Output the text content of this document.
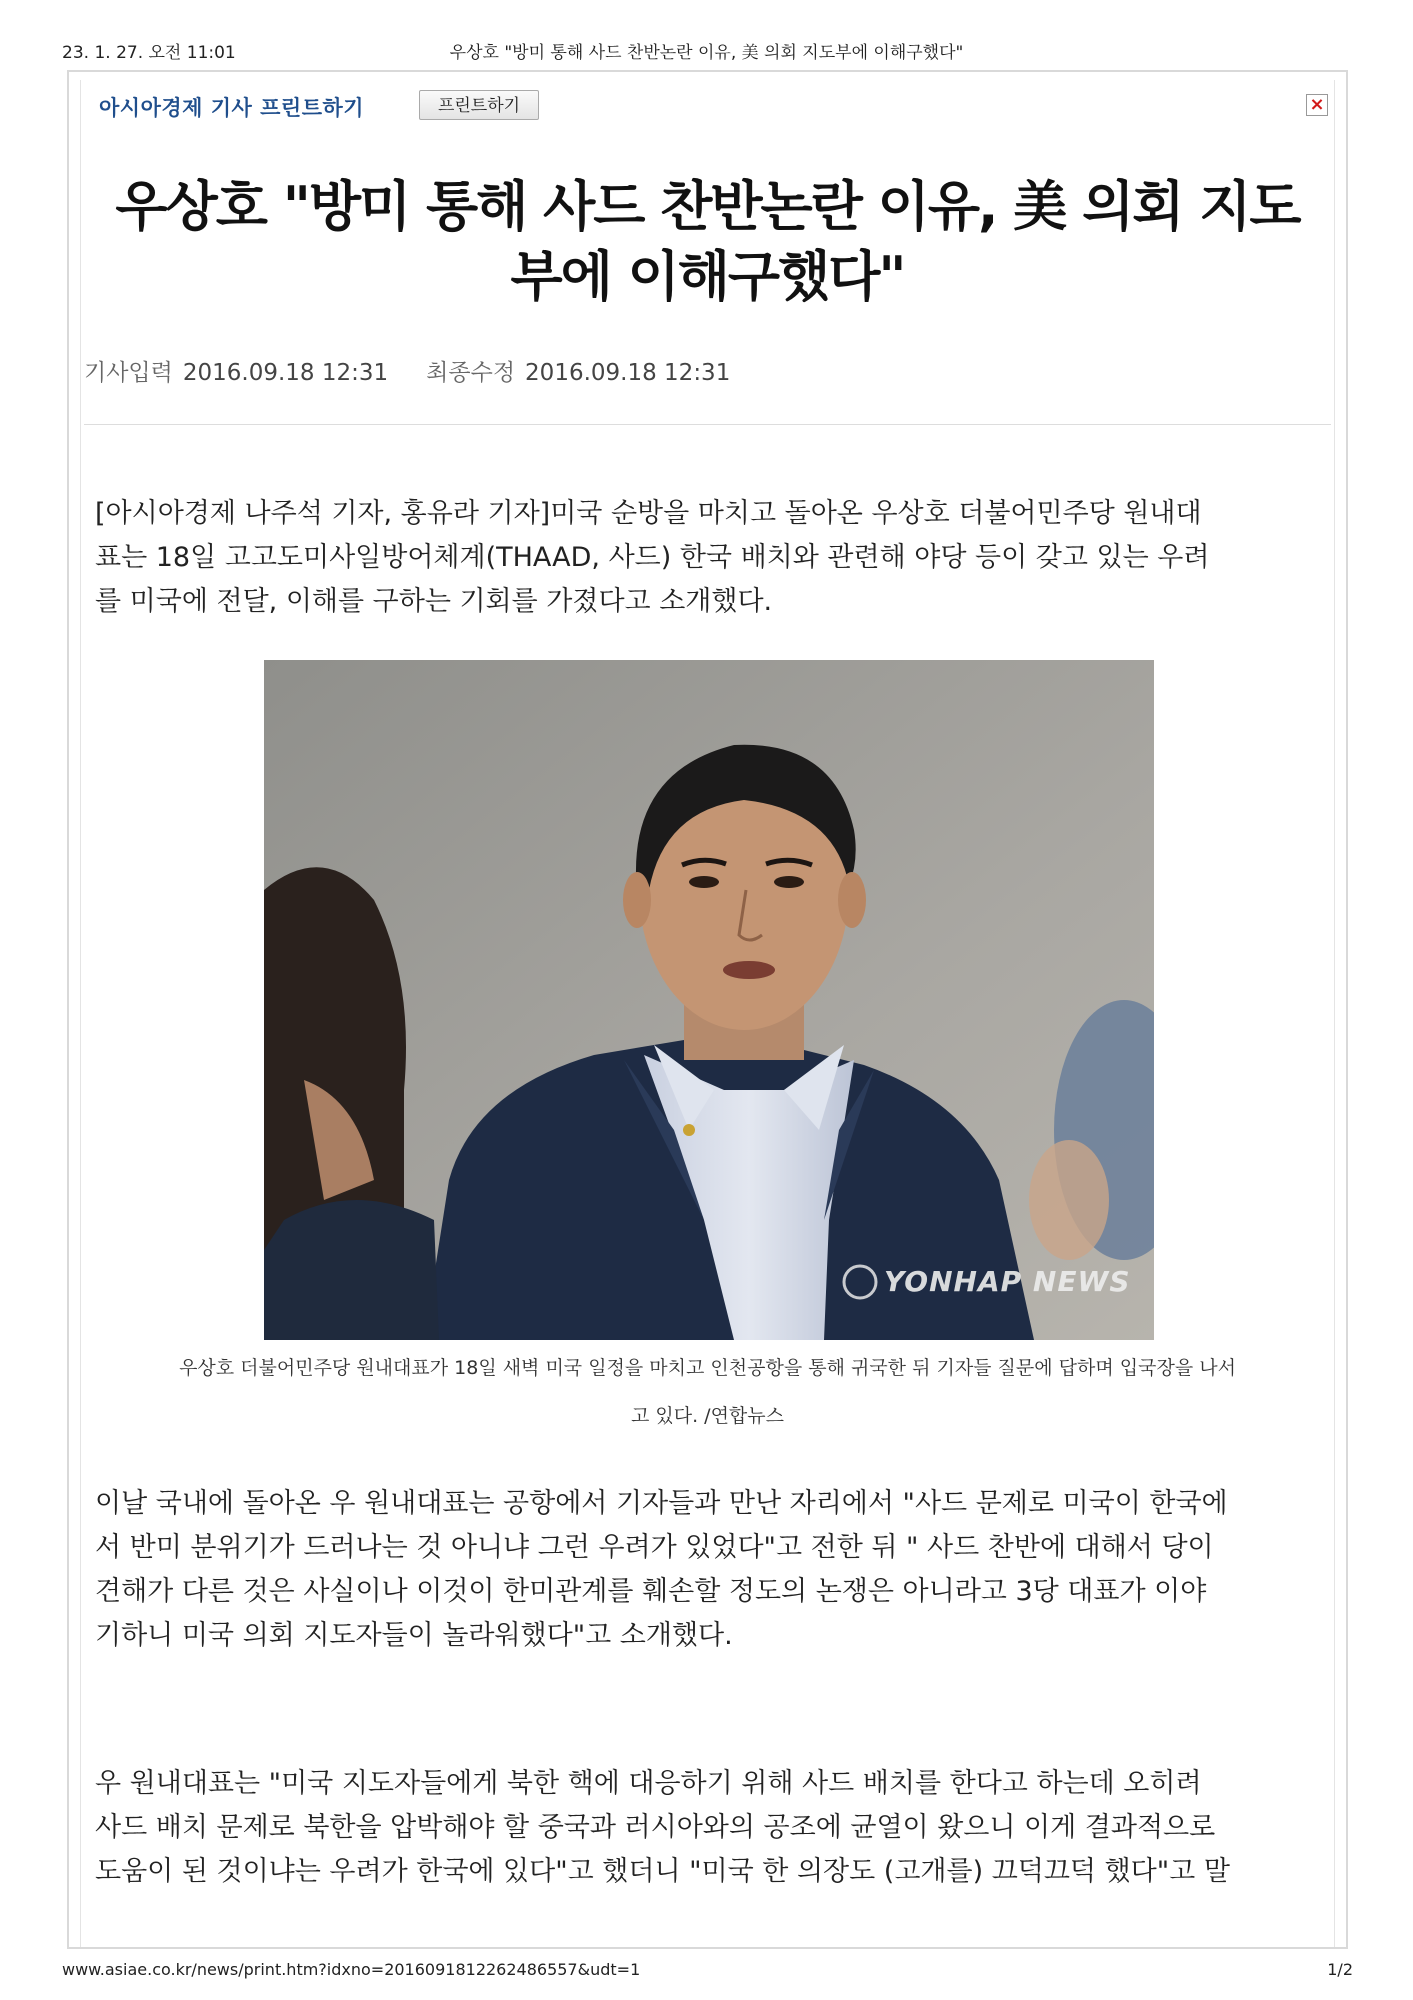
23. 1. 27. 오전 11:01	우상호 "방미 통해 사드 찬반논란 이유, 美 의회 지도부에 이해구했다"
아시아경제 기사 프린트하기	프린트하기	×
우상호 "방미 통해 사드 찬반논란 이유, 美 의회 지도
부에 이해구했다"
기사입력 2016.09.18 12:31 최종수정 2016.09.18 12:31
[아시아경제 나주석 기자, 홍유라 기자]미국 순방을 마치고 돌아온 우상호 더불어민주당 원내대
표는 18일 고고도미사일방어체계(THAAD, 사드) 한국 배치와 관련해 야당 등이 갖고 있는 우려
를 미국에 전달, 이해를 구하는 기회를 가졌다고 소개했다.
YONHAP NEWS
우상호 더불어민주당 원내대표가 18일 새벽 미국 일정을 마치고 인천공항을 통해 귀국한 뒤 기자들 질문에 답하며 입국장을 나서
고 있다. /연합뉴스
이날 국내에 돌아온 우 원내대표는 공항에서 기자들과 만난 자리에서 "사드 문제로 미국이 한국에
서 반미 분위기가 드러나는 것 아니냐 그런 우려가 있었다"고 전한 뒤 " 사드 찬반에 대해서 당이
견해가 다른 것은 사실이나 이것이 한미관계를 훼손할 정도의 논쟁은 아니라고 3당 대표가 이야
기하니 미국 의회 지도자들이 놀라워했다"고 소개했다.
우 원내대표는 "미국 지도자들에게 북한 핵에 대응하기 위해 사드 배치를 한다고 하는데 오히려
사드 배치 문제로 북한을 압박해야 할 중국과 러시아와의 공조에 균열이 왔으니 이게 결과적으로
도움이 된 것이냐는 우려가 한국에 있다"고 했더니 "미국 한 의장도 (고개를) 끄덕끄덕 했다"고 말
www.asiae.co.kr/news/print.htm?idxno=2016091812262486557&udt=1	1/2
